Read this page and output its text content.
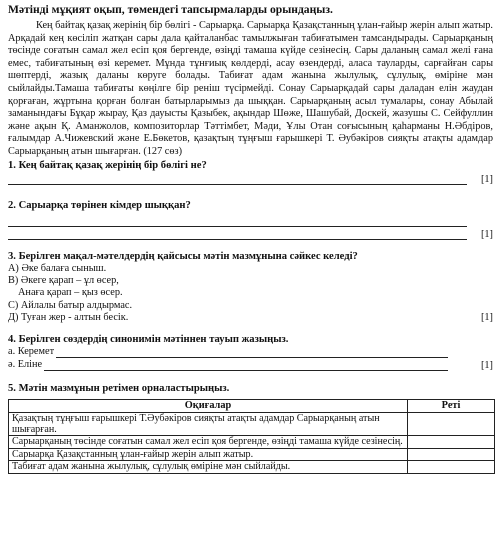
Мәтінді мұқият оқып, төмендегі тапсырмаларды орындаңыз.

Кең байтақ қазақ жерінің бір бөлігі - Сарыарқа. Сарыарқа Қазақстанның ұлан-ғайыр жерін алып жатыр. Арқадай кең көсіліп жатқан сары дала қайталанбас тамылжыған табиғатымен тамсандырады. Сарыарқаның төсінде соғатын самал жел есіп қоя бергенде, өзіңді тамаша күйде сезінесің. Сары даланың самал желі ғана емес, табиғатының өзі керемет. Мұнда тұнғиық көлдерді, асау өзендерді, аласа тауларды, сарғайған сары шөптерді, жазық даланы көруге болады. Табиғат адам жанына жылулық, сұлулық, өміріне мән сыйлайды.Тамаша табиғаты көңілге бір реніш түсірмейді. Сонау Сарыарқадай сары даладан елін жаудан қорғаған, жұртына қорған болған батырларымыз да шыққан. Сарыарқаның асыл тумалары, сонау Абылай заманындағы Бұқар жырау, Қаз дауысты Қазыбек, ақындар Шөже, Шашубай, Доскей, жазушы С. Сейфуллин және ақын Қ. Аманжолов, композиторлар Тәттімбет, Мәди, Ұлы Отан соғысының қаһарманы Н.Әбдіров, ғалымдар А.Чижевский және Е.Бөкетов, қазақтың тұңғыш ғарышкері Т. Әубәкіров сияқты атақты адамдар Сарыарқаның атын шығарған. (127 сөз)

1. Кең байтақ қазақ жерінің бір бөлігі не?
[1]
2. Сарыарқа төрінен кімдер шыққан?
[1]
3. Берілген мақал-мәтелдердің қайсысы мәтін мазмұнына сәйкес келеді?
А) Әке балаға сыныш.
В) Әкеге қарап – ұл өсер,
Анаға қарап – қыз өсер.
С) Айлалы батыр алдырмас.
Д) Туған жер - алтын бесік.	[1]
4. Берілген сөздердің синонимін мәтіннен тауып жазыңыз.
а. Керемет
ә. Еліне	[1]
5. Мәтін мазмұнын ретімен орналастырыңыз.
Оқиғалар	Реті
Қазақтың тұңғыш ғарышкері Т.Әубәкіров сияқты атақты адамдар Сарыарқаның атын шығарған.	
Сарыарқаның төсінде соғатын самал жел есіп қоя бергенде, өзіңді тамаша күйде сезінесің.	
Сарыарқа Қазақстанның ұлан-ғайыр жерін алып жатыр.	
Табиғат адам жанына жылулық, сұлулық өміріне мән сыйлайды.	
